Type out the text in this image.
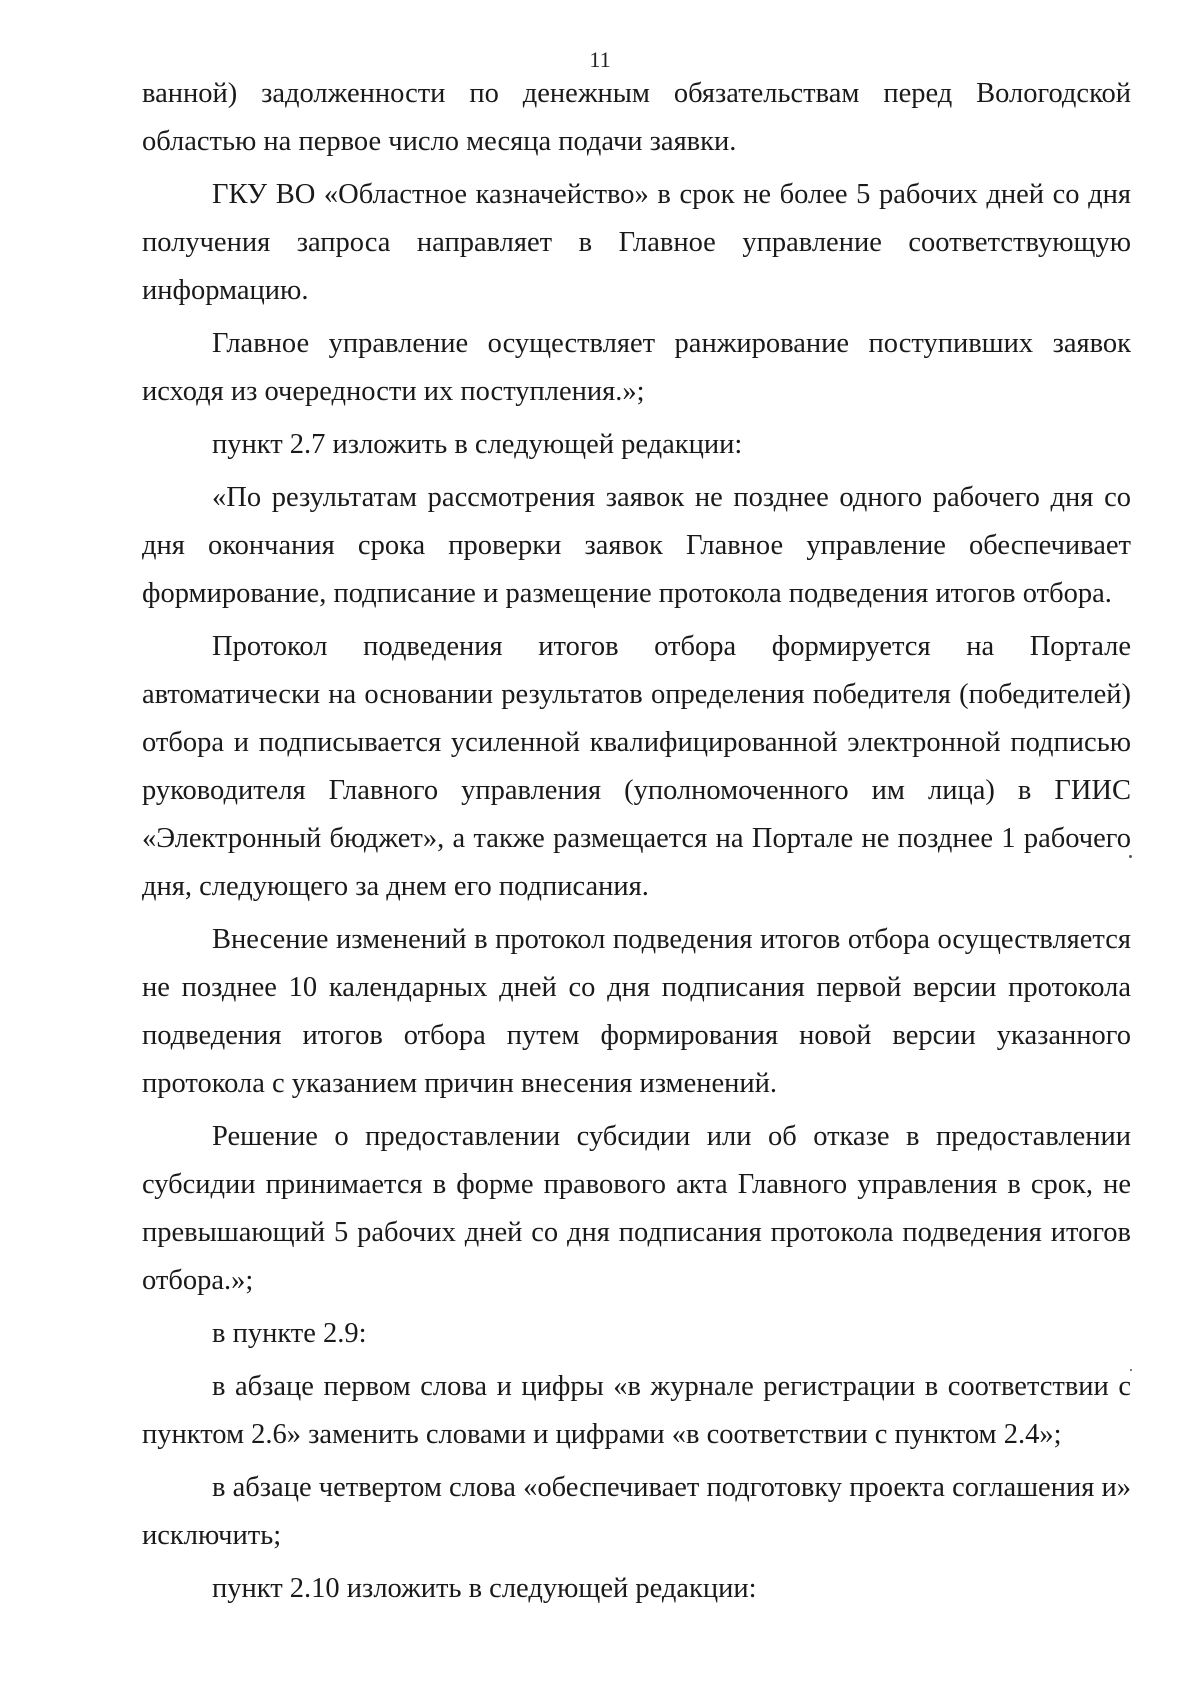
11

ванной) задолженности по денежным обязательствам перед Вологодской областью на первое число месяца подачи заявки.

ГКУ ВО «Областное казначейство» в срок не более 5 рабочих дней со дня получения запроса направляет в Главное управление соответствующую информацию.

Главное управление осуществляет ранжирование поступивших заявок исходя из очередности их поступления.»;

пункт 2.7 изложить в следующей редакции:

«По результатам рассмотрения заявок не позднее одного рабочего дня со дня окончания срока проверки заявок Главное управление обеспечивает формирование, подписание и размещение протокола подведения итогов отбора.

Протокол подведения итогов отбора формируется на Портале автоматически на основании результатов определения победителя (победителей) отбора и подписывается усиленной квалифицированной электронной подписью руководителя Главного управления (уполномоченного им лица) в ГИИС «Электронный бюджет», а также размещается на Портале не позднее 1 рабочего дня, следующего за днем его подписания.

Внесение изменений в протокол подведения итогов отбора осуществляется не позднее 10 календарных дней со дня подписания первой версии протокола подведения итогов отбора путем формирования новой версии указанного протокола с указанием причин внесения изменений.

Решение о предоставлении субсидии или об отказе в предоставлении субсидии принимается в форме правового акта Главного управления в срок, не превышающий 5 рабочих дней со дня подписания протокола подведения итогов отбора.»;

в пункте 2.9:

в абзаце первом слова и цифры «в журнале регистрации в соответствии с пунктом 2.6» заменить словами и цифрами «в соответствии с пунктом 2.4»;

в абзаце четвертом слова «обеспечивает подготовку проекта соглашения и» исключить;

пункт 2.10 изложить в следующей редакции:
